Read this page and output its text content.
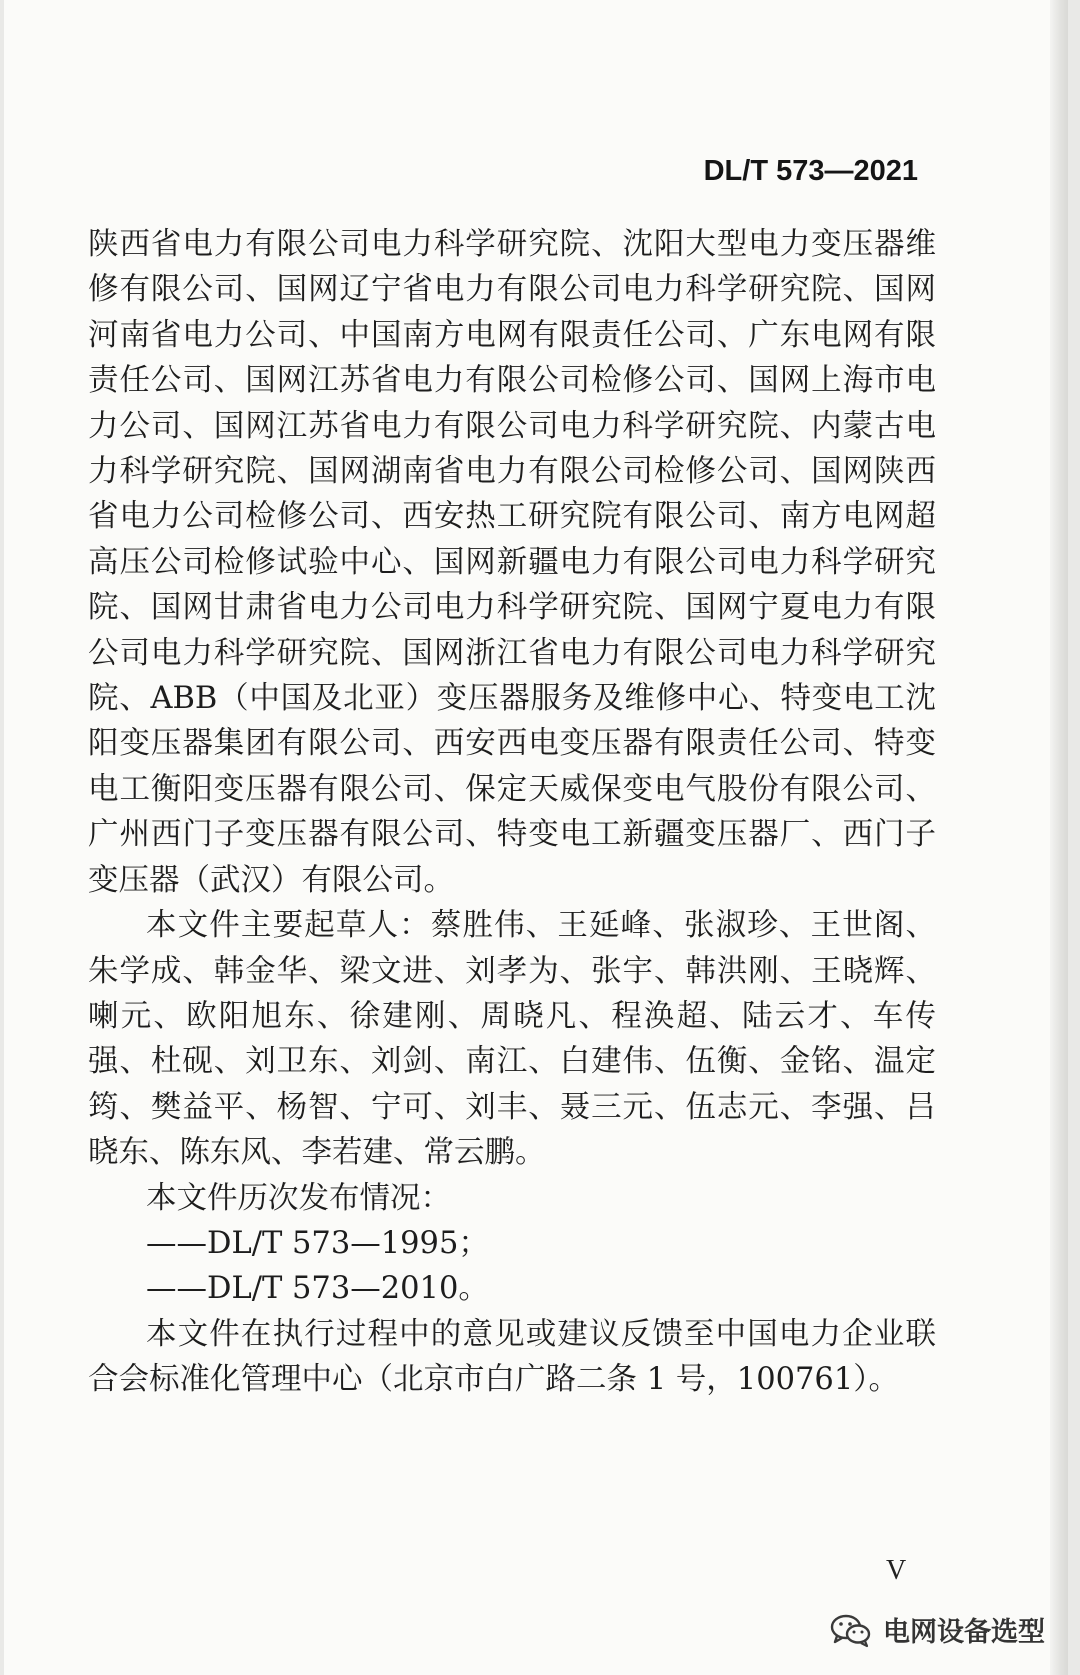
DL/T 573—2021

陕西省电力有限公司电力科学研究院、沈阳大型电力变压器维修有限公司、国网辽宁省电力有限公司电力科学研究院、国网河南省电力公司、中国南方电网有限责任公司、广东电网有限责任公司、国网江苏省电力有限公司检修公司、国网上海市电力公司、国网江苏省电力有限公司电力科学研究院、内蒙古电力科学研究院、国网湖南省电力有限公司检修公司、国网陕西省电力公司检修公司、西安热工研究院有限公司、南方电网超高压公司检修试验中心、国网新疆电力有限公司电力科学研究院、国网甘肃省电力公司电力科学研究院、国网宁夏电力有限公司电力科学研究院、国网浙江省电力有限公司电力科学研究院、ABB（中国及北亚）变压器服务及维修中心、特变电工沈阳变压器集团有限公司、西安西电变压器有限责任公司、特变电工衡阳变压器有限公司、保定天威保变电气股份有限公司、广州西门子变压器有限公司、特变电工新疆变压器厂、西门子变压器（武汉）有限公司。

本文件主要起草人：蔡胜伟、王延峰、张淑珍、王世阁、朱学成、韩金华、梁文进、刘孝为、张宇、韩洪刚、王晓辉、喇元、欧阳旭东、徐建刚、周晓凡、程涣超、陆云才、车传强、杜砚、刘卫东、刘剑、南江、白建伟、伍衡、金铭、温定筠、樊益平、杨智、宁可、刘丰、聂三元、伍志元、李强、吕晓东、陈东风、李若建、常云鹏。

本文件历次发布情况：

——DL/T 573—1995；

——DL/T 573—2010。

本文件在执行过程中的意见或建议反馈至中国电力企业联合会标准化管理中心（北京市白广路二条 1 号，100761）。

V
电网设备选型
